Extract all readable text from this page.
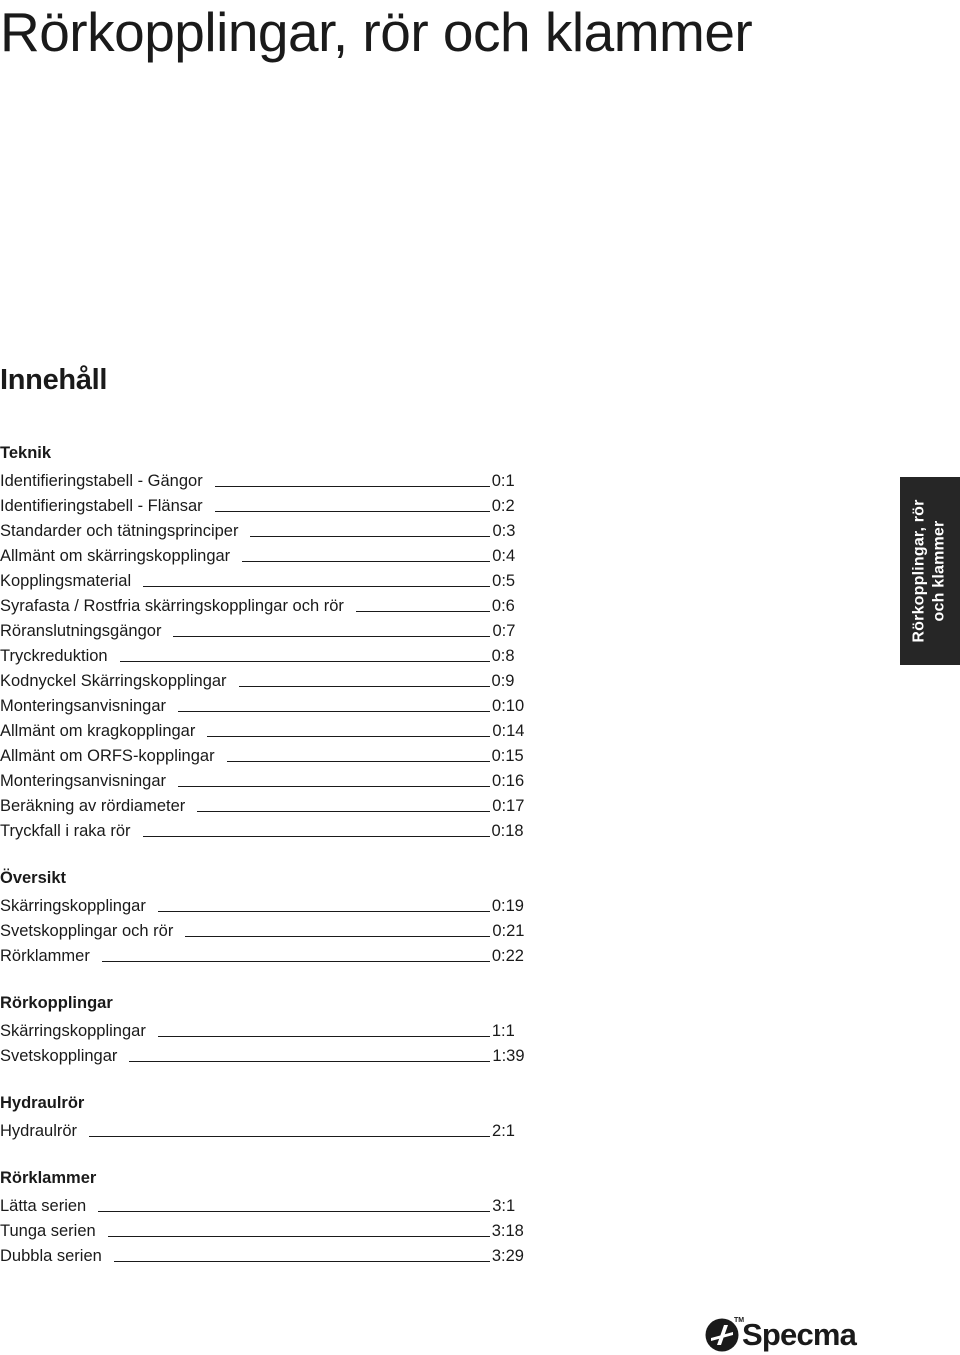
Rörkopplingar, rör och klammer
Innehåll
Teknik
Identifieringstabell - Gängor	0:1
Identifieringstabell - Flänsar	0:2
Standarder och tätningsprinciper	0:3
Allmänt om skärringskopplingar	0:4
Kopplingsmaterial	0:5
Syrafasta / Rostfria skärringskopplingar och rör	0:6
Röranslutningsgängor	0:7
Tryckreduktion	0:8
Kodnyckel Skärringskopplingar	0:9
Monteringsanvisningar	0:10
Allmänt om kragkopplingar	0:14
Allmänt om ORFS-kopplingar	0:15
Monteringsanvisningar	0:16
Beräkning av rördiameter	0:17
Tryckfall i raka rör	0:18
Översikt
Skärringskopplingar	0:19
Svetskopplingar och rör	0:21
Rörklammer	0:22
Rörkopplingar
Skärringskopplingar	1:1
Svetskopplingar	1:39
Hydraulrör
Hydraulrör	2:1
Rörklammer
Lätta serien	3:1
Tunga serien	3:18
Dubbla serien	3:29
Rörkopplingar, rör och klammer
TM
Specma
